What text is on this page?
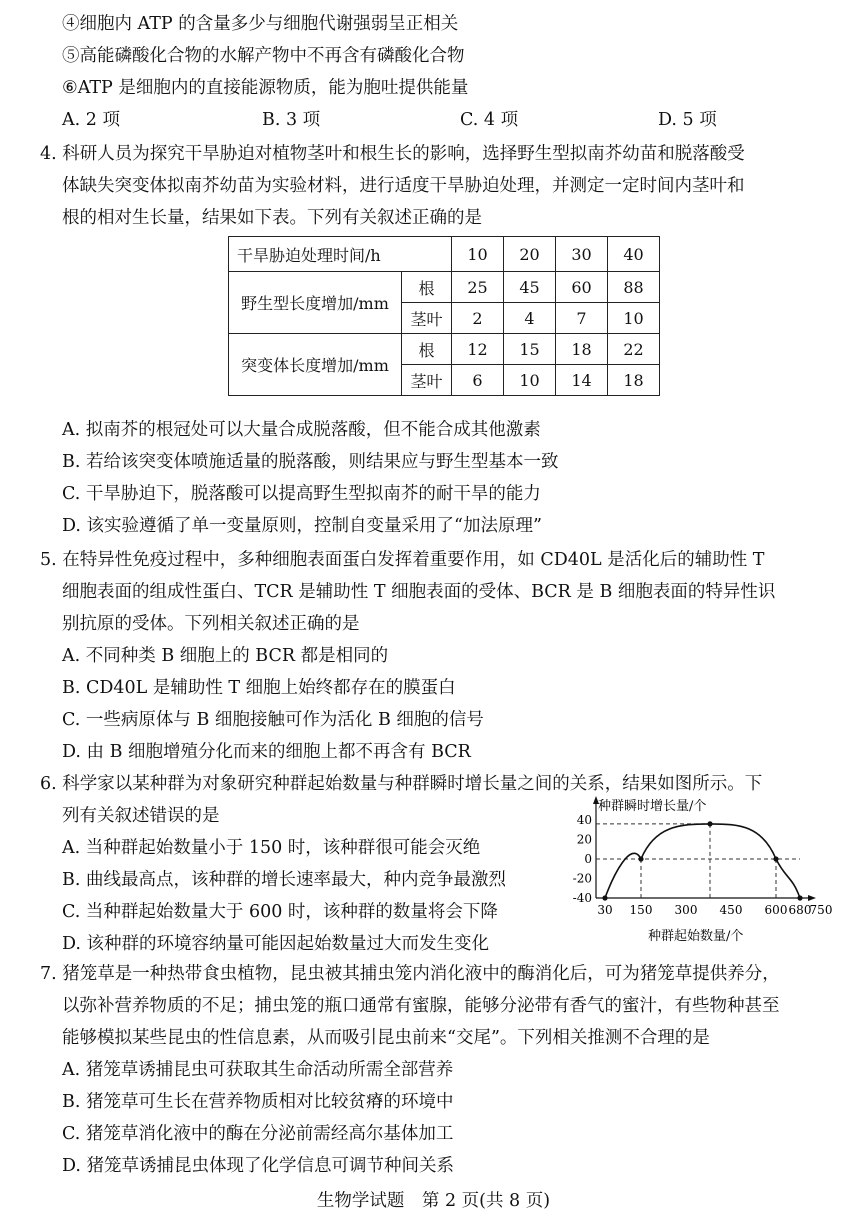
④细胞内 ATP 的含量多少与细胞代谢强弱呈正相关
⑤高能磷酸化合物的水解产物中不再含有磷酸化合物
⑥ATP 是细胞内的直接能源物质，能为胞吐提供能量
A. 2 项	B. 3 项	C. 4 项	D. 5 项
4. 科研人员为探究干旱胁迫对植物茎叶和根生长的影响，选择野生型拟南芥幼苗和脱落酸受
体缺失突变体拟南芥幼苗为实验材料，进行适度干旱胁迫处理，并测定一定时间内茎叶和
根的相对生长量，结果如下表。下列有关叙述正确的是
干旱胁迫处理时间/h		10	20	30	40
野生型长度增加/mm	根	25	45	60	88
	茎叶	2	4	7	10
突变体长度增加/mm	根	12	15	18	22
	茎叶	6	10	14	18
A. 拟南芥的根冠处可以大量合成脱落酸，但不能合成其他激素
B. 若给该突变体喷施适量的脱落酸，则结果应与野生型基本一致
C. 干旱胁迫下，脱落酸可以提高野生型拟南芥的耐干旱的能力
D. 该实验遵循了单一变量原则，控制自变量采用了“加法原理”
5. 在特异性免疫过程中，多种细胞表面蛋白发挥着重要作用，如 CD40L 是活化后的辅助性 T
细胞表面的组成性蛋白、TCR 是辅助性 T 细胞表面的受体、BCR 是 B 细胞表面的特异性识
别抗原的受体。下列相关叙述正确的是
A. 不同种类 B 细胞上的 BCR 都是相同的
B. CD40L 是辅助性 T 细胞上始终都存在的膜蛋白
C. 一些病原体与 B 细胞接触可作为活化 B 细胞的信号
D. 由 B 细胞增殖分化而来的细胞上都不再含有 BCR
6. 科学家以某种群为对象研究种群起始数量与种群瞬时增长量之间的关系，结果如图所示。下
列有关叙述错误的是
A. 当种群起始数量小于 150 时，该种群很可能会灭绝
B. 曲线最高点，该种群的增长速率最大，种内竞争最激烈
C. 当种群起始数量大于 600 时，该种群的数量将会下降
D. 该种群的环境容纳量可能因起始数量过大而发生变化
种群瞬时增长量/个
种群起始数量/个
40
20
0
-20
-40
30 150 300 450 600 680
750
7. 猪笼草是一种热带食虫植物，昆虫被其捕虫笼内消化液中的酶消化后，可为猪笼草提供养分，
以弥补营养物质的不足；捕虫笼的瓶口通常有蜜腺，能够分泌带有香气的蜜汁，有些物种甚至
能够模拟某些昆虫的性信息素，从而吸引昆虫前来“交尾”。下列相关推测不合理的是
A. 猪笼草诱捕昆虫可获取其生命活动所需全部营养
B. 猪笼草可生长在营养物质相对比较贫瘠的环境中
C. 猪笼草消化液中的酶在分泌前需经高尔基体加工
D. 猪笼草诱捕昆虫体现了化学信息可调节种间关系
生物学试题　第 2 页(共 8 页)
